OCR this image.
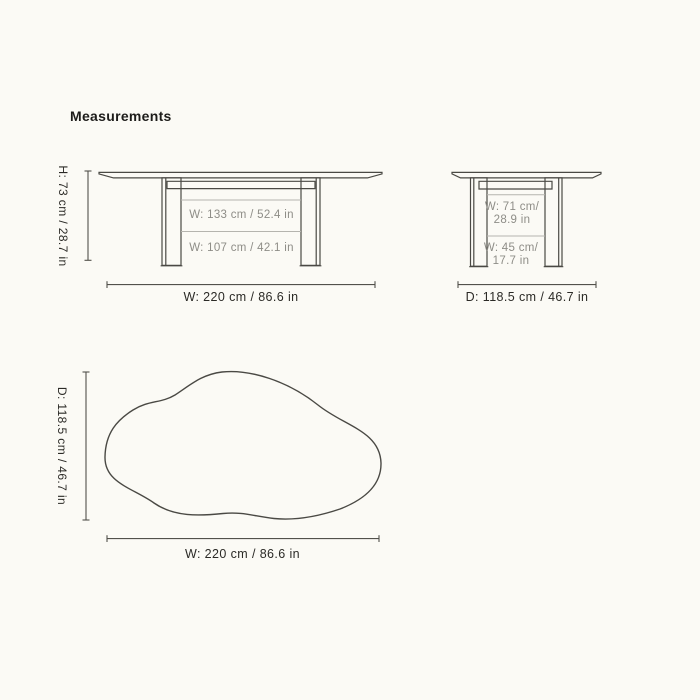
Measurements
H: 73 cm / 28.7 in	W: 133 cm / 52.4 in
W: 107 cm / 42.1 in
W: 220 cm / 86.6 in
W: 71 cm/
28.9 in
W: 45 cm/
17.7 in
D: 118.5 cm / 46.7 in
D: 118.5 cm / 46.7 in
W: 220 cm / 86.6 in
